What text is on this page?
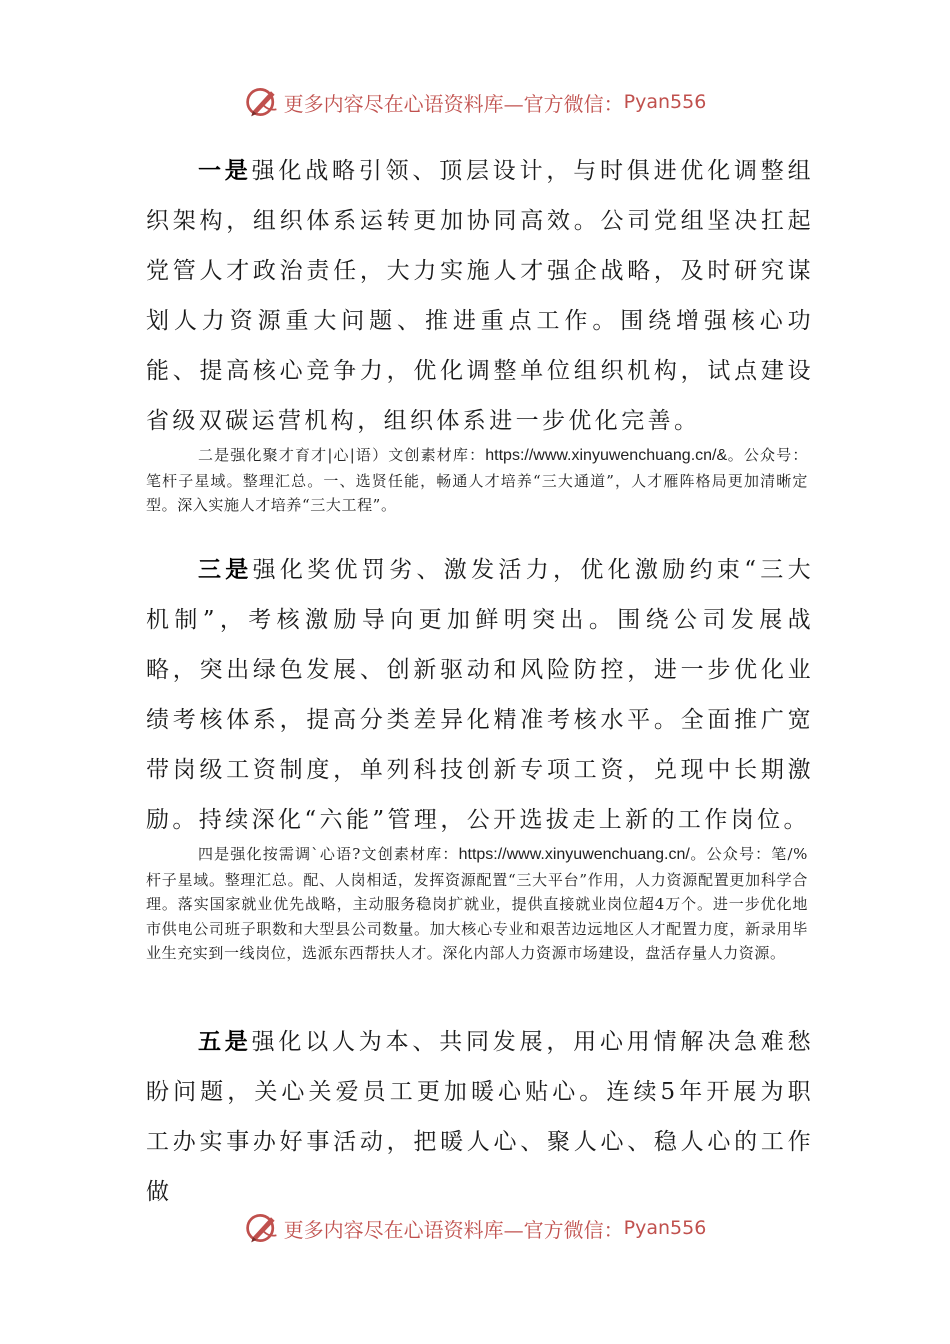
更多内容尽在心语资料库—官方微信： Pyan556

一是强化战略引领、顶层设计，与时俱进优化调整组织架构，组织体系运转更加协同高效。公司党组坚决扛起党管人才政治责任，大力实施人才强企战略，及时研究谋划人力资源重大问题、推进重点工作。围绕增强核心功能、提高核心竞争力，优化调整单位组织机构，试点建设省级双碳运营机构，组织体系进一步优化完善。

二是强化聚才育才|心|语）文创素材库：https://www.xinyuwenchuang.cn/&。公众号：笔杆子星域。整理汇总。一、选贤任能，畅通人才培养“三大通道”，人才雁阵格局更加清晰定型。深入实施人才培养“三大工程”。

三是强化奖优罚劣、激发活力，优化激励约束“三大机制”，考核激励导向更加鲜明突出。围绕公司发展战略，突出绿色发展、创新驱动和风险防控，进一步优化业绩考核体系，提高分类差异化精准考核水平。全面推广宽带岗级工资制度，单列科技创新专项工资，兑现中长期激励。持续深化“六能”管理，公开选拔走上新的工作岗位。

四是强化按需调`心语?文创素材库：https://www.xinyuwenchuang.cn/。公众号：笔/%杆子星域。整理汇总。配、人岗相适，发挥资源配置“三大平台”作用，人力资源配置更加科学合理。落实国家就业优先战略，主动服务稳岗扩就业，提供直接就业岗位超4万个。进一步优化地市供电公司班子职数和大型县公司数量。加大核心专业和艰苦边远地区人才配置力度，新录用毕业生充实到一线岗位，选派东西帮扶人才。深化内部人力资源市场建设，盘活存量人力资源。

五是强化以人为本、共同发展，用心用情解决急难愁盼问题，关心关爱员工更加暖心贴心。连续5年开展为职工办实事办好事活动，把暖人心、聚人心、稳人心的工作做

更多内容尽在心语资料库—官方微信： Pyan556
